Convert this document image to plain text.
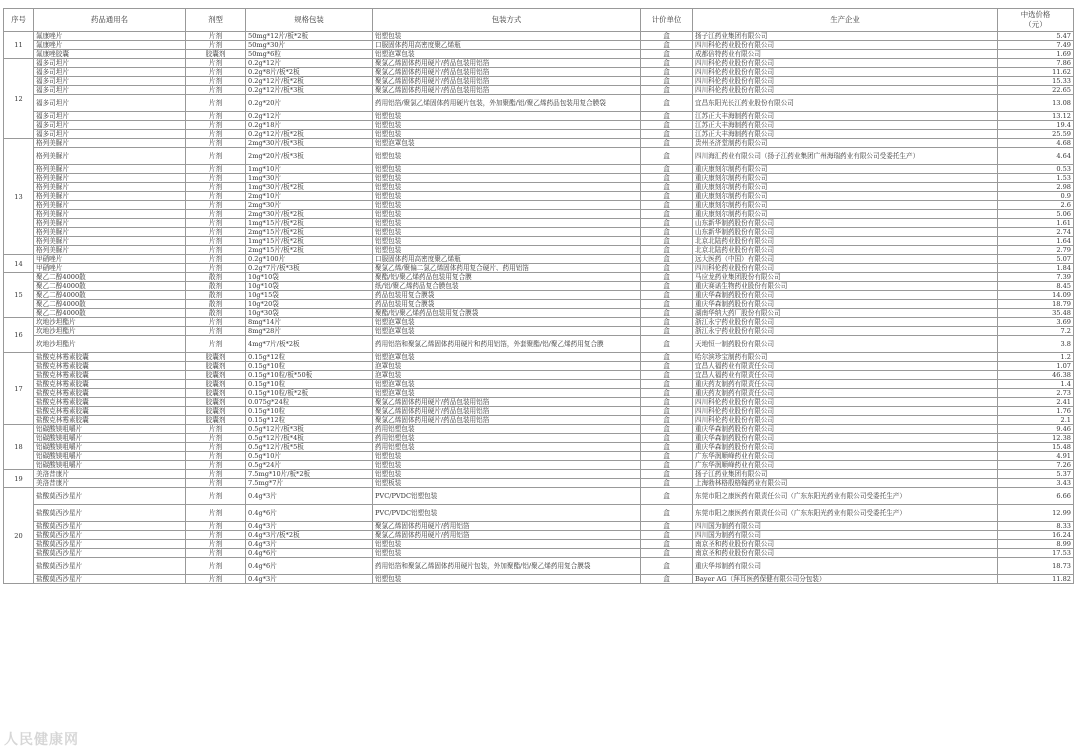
序号	药品通用名	剂型	规格包装	包装方式	计价单位	生产企业	中选价格
（元）
11	氟康唑片	片剂	50mg*12片/板*2板	铝塑包装	盒	扬子江药业集团有限公司	5.47
	氟康唑片	片剂	50mg*30片	口服固体药用高密度聚乙烯瓶	盒	四川科伦药业股份有限公司	7.49
	氟康唑胶囊	胶囊剂	50mg*6粒	铝塑泡罩包装	盒	成都倍特药业有限公司	1.69
12	福多司坦片	片剂	0.2g*12片	聚氯乙烯固体药用硬片/药品包装用铝箔	盒	四川科伦药业股份有限公司	7.86
	福多司坦片	片剂	0.2g*8片/板*2板	聚氯乙烯固体药用硬片/药品包装用铝箔	盒	四川科伦药业股份有限公司	11.62
	福多司坦片	片剂	0.2g*12片/板*2板	聚氯乙烯固体药用硬片/药品包装用铝箔	盒	四川科伦药业股份有限公司	15.33
	福多司坦片	片剂	0.2g*12片/板*3板	聚氯乙烯固体药用硬片/药品包装用铝箔	盒	四川科伦药业股份有限公司	22.65
	福多司坦片	片剂	0.2g*20片	药用铝箔/聚氯乙烯固体药用硬片包装，外加聚酯/铝/聚乙烯药品包装用复合膜袋	盒	宜昌东阳光长江药业股份有限公司	13.08
	福多司坦片	片剂	0.2g*12片	铝塑包装	盒	江苏正大丰海制药有限公司	13.12
	福多司坦片	片剂	0.2g*18片	铝塑包装	盒	江苏正大丰海制药有限公司	19.4
	福多司坦片	片剂	0.2g*12片/板*2板	铝塑包装	盒	江苏正大丰海制药有限公司	25.59
13	格列美脲片	片剂	2mg*30片/板*3板	铝塑泡罩包装	盒	贵州圣济堂制药有限公司	4.68
	格列美脲片	片剂	2mg*20片/板*3板	铝塑包装	盒	四川海汇药业有限公司（扬子江药业集团广州海瑞药业有限公司受委托生产）	4.64
	格列美脲片	片剂	1mg*10片	铝塑包装	盒	重庆康刻尔制药有限公司	0.53
	格列美脲片	片剂	1mg*30片	铝塑包装	盒	重庆康刻尔制药有限公司	1.53
	格列美脲片	片剂	1mg*30片/板*2板	铝塑包装	盒	重庆康刻尔制药有限公司	2.98
	格列美脲片	片剂	2mg*10片	铝塑包装	盒	重庆康刻尔制药有限公司	0.9
	格列美脲片	片剂	2mg*30片	铝塑包装	盒	重庆康刻尔制药有限公司	2.6
	格列美脲片	片剂	2mg*30片/板*2板	铝塑包装	盒	重庆康刻尔制药有限公司	5.06
	格列美脲片	片剂	1mg*15片/板*2板	铝塑包装	盒	山东新华制药股份有限公司	1.61
	格列美脲片	片剂	2mg*15片/板*2板	铝塑包装	盒	山东新华制药股份有限公司	2.74
	格列美脲片	片剂	1mg*15片/板*2板	铝塑包装	盒	北京北陆药业股份有限公司	1.64
	格列美脲片	片剂	2mg*15片/板*2板	铝塑包装	盒	北京北陆药业股份有限公司	2.79
14	甲硝唑片	片剂	0.2g*100片	口服固体药用高密度聚乙烯瓶	盒	远大医药（中国）有限公司	5.07
	甲硝唑片	片剂	0.2g*7片/板*3板	聚氯乙烯/聚偏二氯乙烯固体药用复合硬片、药用铝箔	盒	四川科伦药业股份有限公司	1.84
15	聚乙二醇4000散	散剂	10g*10袋	聚酯/铝/聚乙烯药品包装用复合膜	盒	马应龙药业集团股份有限公司	7.39
	聚乙二醇4000散	散剂	10g*10袋	纸/铝/聚乙烯药品复合膜包装	盒	重庆赛诺生物药业股份有限公司	8.45
	聚乙二醇4000散	散剂	10g*15袋	药品包装用复合膜袋	盒	重庆华森制药股份有限公司	14.09
	聚乙二醇4000散	散剂	10g*20袋	药品包装用复合膜袋	盒	重庆华森制药股份有限公司	18.79
	聚乙二醇4000散	散剂	10g*30袋	聚酯/铝/聚乙烯药品包装用复合膜袋	盒	湖南华纳大药厂股份有限公司	35.48
16	坎地沙坦酯片	片剂	8mg*14片	铝塑泡罩包装	盒	浙江永宁药业股份有限公司	3.69
	坎地沙坦酯片	片剂	8mg*28片	铝塑泡罩包装	盒	浙江永宁药业股份有限公司	7.2
	坎地沙坦酯片	片剂	4mg*7片/板*2板	药用铝箔和聚氯乙烯固体药用硬片和药用铝箔，外套聚酯/铝/聚乙烯药用复合膜	盒	天地恒一制药股份有限公司	3.8
17	盐酸克林霉素胶囊	胶囊剂	0.15g*12粒	铝塑泡罩包装	盒	哈尔滨珍宝制药有限公司	1.2
	盐酸克林霉素胶囊	胶囊剂	0.15g*10粒	泡罩包装	盒	宜昌人福药业有限责任公司	1.07
	盐酸克林霉素胶囊	胶囊剂	0.15g*10粒/板*50板	泡罩包装	盒	宜昌人福药业有限责任公司	46.38
	盐酸克林霉素胶囊	胶囊剂	0.15g*10粒	铝塑泡罩包装	盒	重庆药友制药有限责任公司	1.4
	盐酸克林霉素胶囊	胶囊剂	0.15g*10粒/板*2板	铝塑泡罩包装	盒	重庆药友制药有限责任公司	2.73
	盐酸克林霉素胶囊	胶囊剂	0.075g*24粒	聚氯乙烯固体药用硬片/药品包装用铝箔	盒	四川科伦药业股份有限公司	2.41
	盐酸克林霉素胶囊	胶囊剂	0.15g*10粒	聚氯乙烯固体药用硬片/药品包装用铝箔	盒	四川科伦药业股份有限公司	1.76
	盐酸克林霉素胶囊	胶囊剂	0.15g*12粒	聚氯乙烯固体药用硬片/药品包装用铝箔	盒	四川科伦药业股份有限公司	2.1
18	铝碳酸镁咀嚼片	片剂	0.5g*12片/板*3板	药用铝塑包装	盒	重庆华森制药股份有限公司	9.46
	铝碳酸镁咀嚼片	片剂	0.5g*12片/板*4板	药用铝塑包装	盒	重庆华森制药股份有限公司	12.38
	铝碳酸镁咀嚼片	片剂	0.5g*12片/板*5板	药用铝塑包装	盒	重庆华森制药股份有限公司	15.48
	铝碳酸镁咀嚼片	片剂	0.5g*10片	铝塑包装	盒	广东华润顺峰药业有限公司	4.91
	铝碳酸镁咀嚼片	片剂	0.5g*24片	铝塑包装	盒	广东华润顺峰药业有限公司	7.26
19	美洛昔康片	片剂	7.5mg*10片/板*2板	铝塑包装	盒	扬子江药业集团有限公司	5.37
	美洛昔康片	片剂	7.5mg*7片	铝塑板装	盒	上海勃林格殷格翰药业有限公司	3.43
20	盐酸莫西沙星片	片剂	0.4g*3片	PVC/PVDC铝塑包装	盒	东莞市阳之康医药有限责任公司（广东东阳光药业有限公司受委托生产）	6.66
	盐酸莫西沙星片	片剂	0.4g*6片	PVC/PVDC铝塑包装	盒	东莞市阳之康医药有限责任公司（广东东阳光药业有限公司受委托生产）	12.99
	盐酸莫西沙星片	片剂	0.4g*3片	聚氯乙烯固体药用硬片/药用铝箔	盒	四川国为制药有限公司	8.33
	盐酸莫西沙星片	片剂	0.4g*3片/板*2板	聚氯乙烯固体药用硬片/药用铝箔	盒	四川国为制药有限公司	16.24
	盐酸莫西沙星片	片剂	0.4g*3片	铝塑包装	盒	南京圣和药业股份有限公司	8.99
	盐酸莫西沙星片	片剂	0.4g*6片	铝塑包装	盒	南京圣和药业股份有限公司	17.53
	盐酸莫西沙星片	片剂	0.4g*6片	药用铝箔和聚氯乙烯固体药用硬片包装，外加聚酯/铝/聚乙烯药用复合膜袋	盒	重庆华邦制药有限公司	18.73
	盐酸莫西沙星片	片剂	0.4g*3片	铝塑包装	盒	Bayer AG（拜耳医药保健有限公司分包装）	11.82
人民健康网
